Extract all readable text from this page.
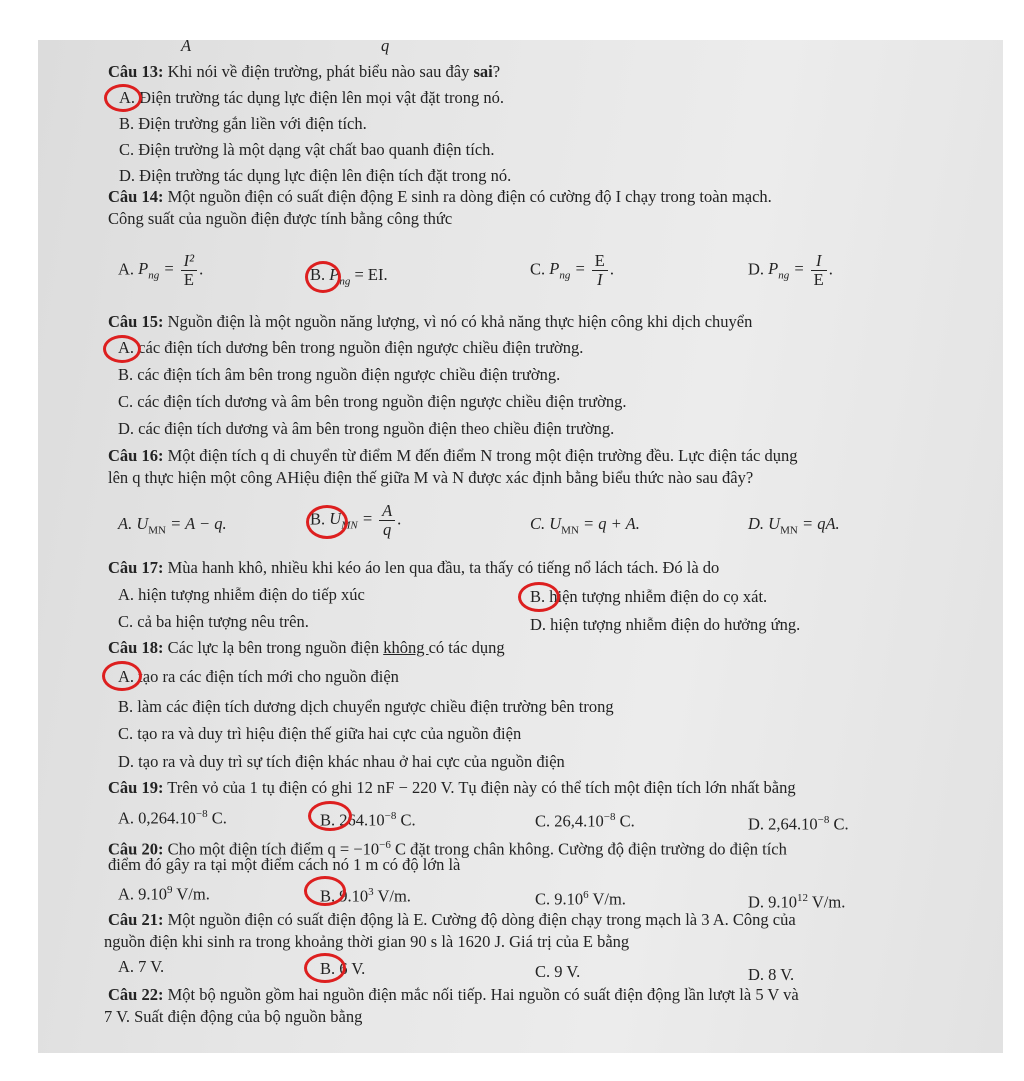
A	q
Câu 13: Khi nói về điện trường, phát biểu nào sau đây sai?
A. Điện trường tác dụng lực điện lên mọi vật đặt trong nó.
B. Điện trường gắn liền với điện tích.
C. Điện trường là một dạng vật chất bao quanh điện tích.
D. Điện trường tác dụng lực điện lên điện tích đặt trong nó.
Câu 14: Một nguồn điện có suất điện động E sinh ra dòng điện có cường độ I chạy trong toàn mạch.
Công suất của nguồn điện được tính bằng công thức
A. $P_{ng} = \frac{\text{I²}}{E}$ .	B. $P_{ng}$ = EI.	C. $P_{ng} = \frac{E}{I}$ .	D. $P_{ng} = \frac{I}{E}$ .
Câu 15: Nguồn điện là một nguồn năng lượng, vì nó có khả năng thực hiện công khi dịch chuyển
A. các điện tích dương bên trong nguồn điện ngược chiều điện trường.
B. các điện tích âm bên trong nguồn điện ngược chiều điện trường.
C. các điện tích dương và âm bên trong nguồn điện ngược chiều điện trường.
D. các điện tích dương và âm bên trong nguồn điện theo chiều điện trường.
Câu 16: Một điện tích q di chuyển từ điểm M đến điểm N trong một điện trường đều. Lực điện tác dụng
lên q thực hiện một công AHiệu điện thế giữa M và N được xác định bằng biểu thức nào sau đây?
A. $U_{MN} = A - q$.	B. $U_{MN} = \frac{A}{q}$ .	C. $U_{MN} = q + A$.	D. $U_{MN}$ = qA.
Câu 17: Mùa hanh khô, nhiều khi kéo áo len qua đầu, ta thấy có tiếng nổ lách tách. Đó là do
A. hiện tượng nhiễm điện do tiếp xúc	B. hiện tượng nhiễm điện do cọ xát.
C. cả ba hiện tượng nêu trên.	D. hiện tượng nhiễm điện do hưởng ứng.
Câu 18: Các lực lạ bên trong nguồn điện không có tác dụng
A. tạo ra các điện tích mới cho nguồn điện
B. làm các điện tích dương dịch chuyển ngược chiều điện trường bên trong
C. tạo ra và duy trì hiệu điện thế giữa hai cực của nguồn điện
D. tạo ra và duy trì sự tích điện khác nhau ở hai cực của nguồn điện
Câu 19: Trên vỏ của 1 tụ điện có ghi 12 nF − 220 V. Tụ điện này có thể tích một điện tích lớn nhất bằng
A. $0,264.10^{-8}$ C.	B. $264.10^{-8}$ C.	C. $26,4.10^{-8}$ C.	D. $2,64.10^{-8}$ C.
Câu 20: Cho một điện tích điểm $q = -10^{-6}$ C đặt trong chân không. Cường độ điện trường do điện tích
điểm đó gây ra tại một điểm cách nó 1 m có độ lớn là
A. 9.10$^9$ V/m.	B. 9.10$^3$ V/m.	C. 9.10$^6$ V/m.	D. 9.10$^{12}$ V/m.
Câu 21: Một nguồn điện có suất điện động là E. Cường độ dòng điện chạy trong mạch là 3 A. Công của
nguồn điện khi sinh ra trong khoảng thời gian 90 s là 1620 J. Giá trị của E bằng
A. 7 V.	B. 6 V.	C. 9 V.	D. 8 V.
Câu 22: Một bộ nguồn gồm hai nguồn điện mắc nối tiếp. Hai nguồn có suất điện động lần lượt là 5 V và
7 V. Suất điện động của bộ nguồn bằng
